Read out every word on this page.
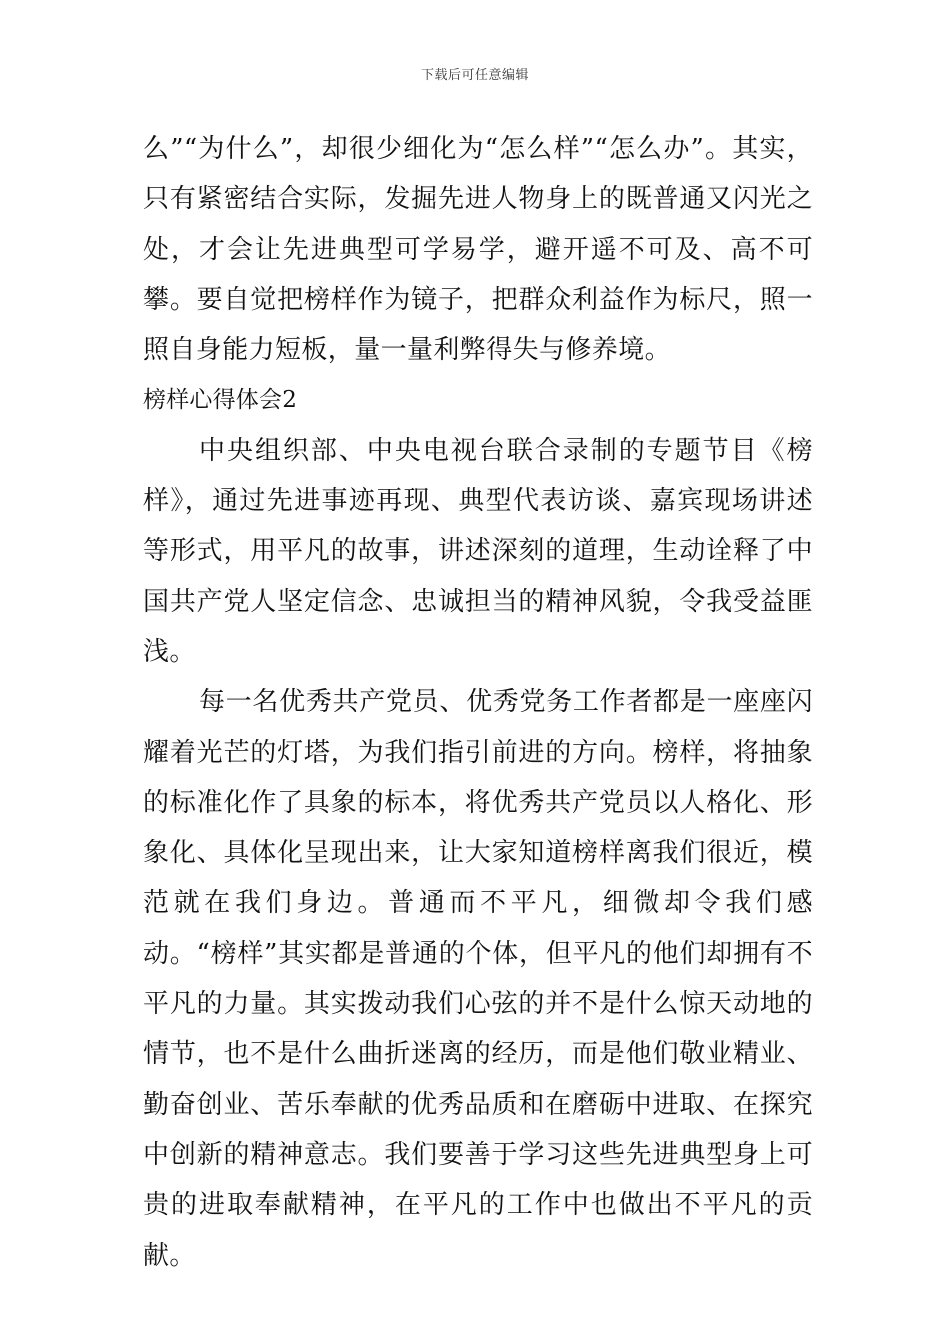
下载后可任意编辑

么”“为什么”，却很少细化为“怎么样”“怎么办”。其实，只有紧密结合实际，发掘先进人物身上的既普通又闪光之处，才会让先进典型可学易学，避开遥不可及、高不可攀。要自觉把榜样作为镜子，把群众利益作为标尺，照一照自身能力短板，量一量利弊得失与修养境。

榜样心得体会2

中央组织部、中央电视台联合录制的专题节目《榜样》，通过先进事迹再现、典型代表访谈、嘉宾现场讲述等形式，用平凡的故事，讲述深刻的道理，生动诠释了中国共产党人坚定信念、忠诚担当的精神风貌，令我受益匪浅。

每一名优秀共产党员、优秀党务工作者都是一座座闪耀着光芒的灯塔，为我们指引前进的方向。榜样，将抽象的标准化作了具象的标本，将优秀共产党员以人格化、形象化、具体化呈现出来，让大家知道榜样离我们很近，模范就在我们身边。普通而不平凡，细微却令我们感动。“榜样”其实都是普通的个体，但平凡的他们却拥有不平凡的力量。其实拨动我们心弦的并不是什么惊天动地的情节，也不是什么曲折迷离的经历，而是他们敬业精业、勤奋创业、苦乐奉献的优秀品质和在磨砺中进取、在探究中创新的精神意志。我们要善于学习这些先进典型身上可贵的进取奉献精神，在平凡的工作中也做出不平凡的贡献。
